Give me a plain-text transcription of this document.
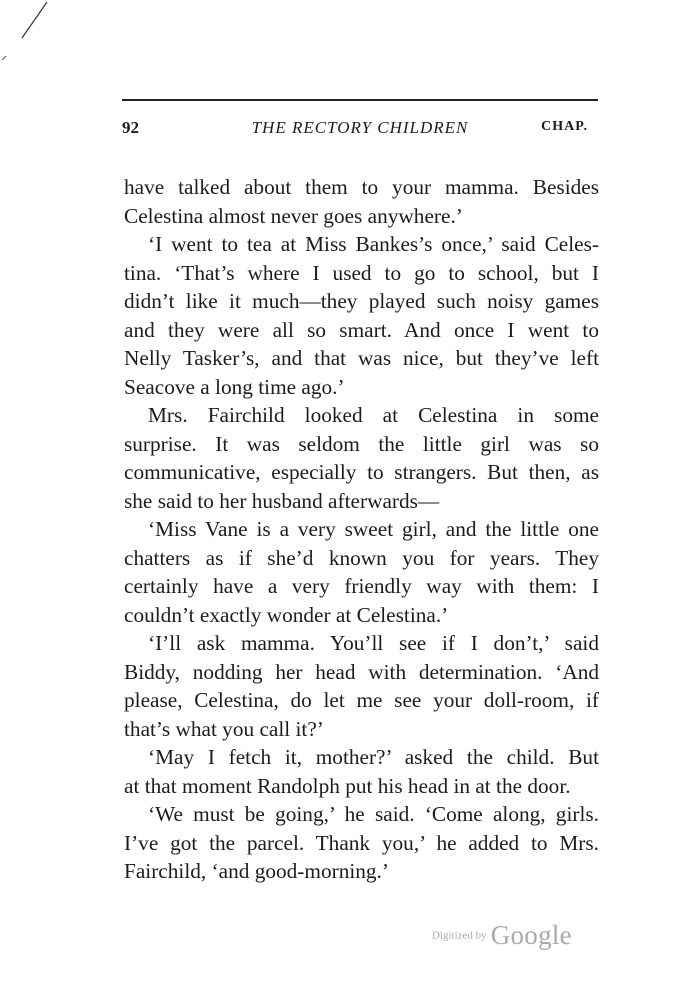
92	THE RECTORY CHILDREN	CHAP.
have talked about them to your mamma. Besides
Celestina almost never goes anywhere.’
‘I went to tea at Miss Bankes’s once,’ said Celes-
tina. ‘That’s where I used to go to school, but I
didn’t like it much—they played such noisy games
and they were all so smart. And once I went to
Nelly Tasker’s, and that was nice, but they’ve left
Seacove a long time ago.’
Mrs. Fairchild looked at Celestina in some
surprise. It was seldom the little girl was so
communicative, especially to strangers. But then, as
she said to her husband afterwards—
‘Miss Vane is a very sweet girl, and the little one
chatters as if she’d known you for years. They
certainly have a very friendly way with them: I
couldn’t exactly wonder at Celestina.’
‘I’ll ask mamma. You’ll see if I don’t,’ said
Biddy, nodding her head with determination. ‘And
please, Celestina, do let me see your doll-room, if
that’s what you call it?’
‘May I fetch it, mother?’ asked the child. But
at that moment Randolph put his head in at the door.
‘We must be going,’ he said. ‘Come along, girls.
I’ve got the parcel. Thank you,’ he added to Mrs.
Fairchild, ‘and good-morning.’
Digitized by Google
